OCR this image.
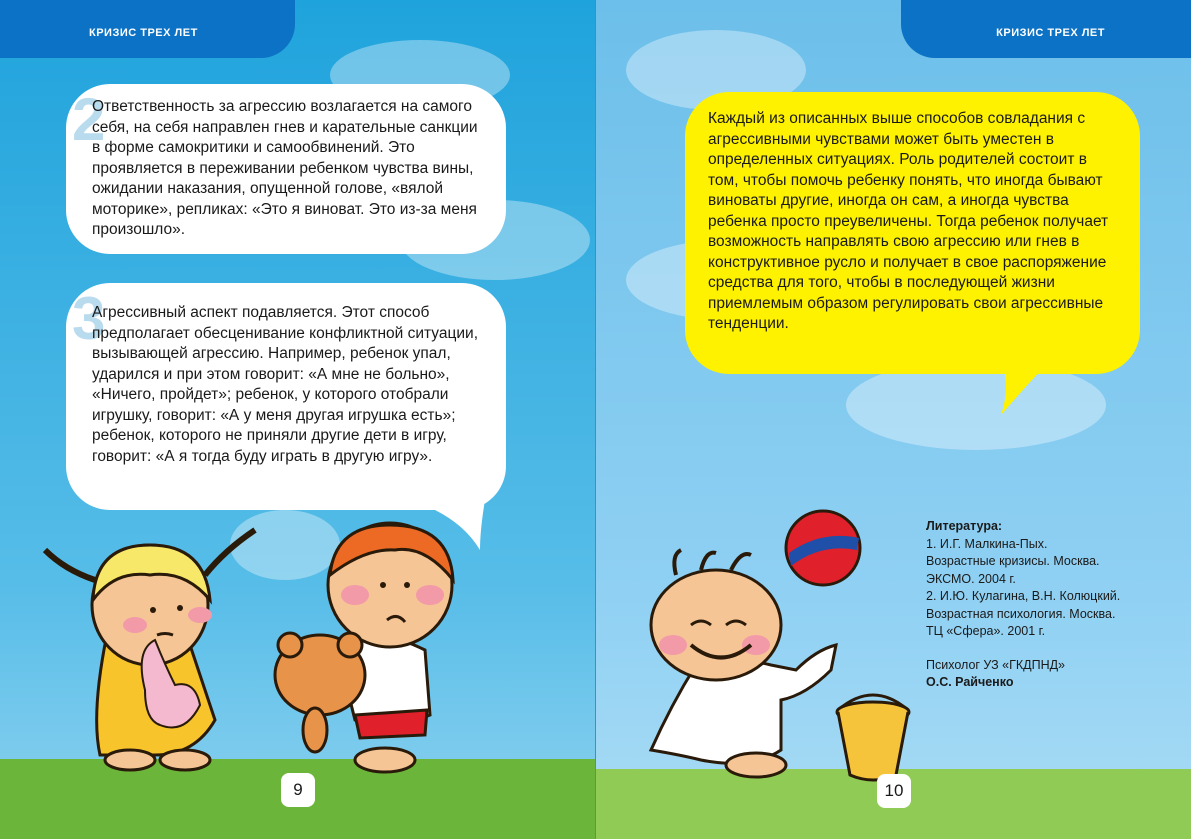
КРИЗИС ТРЕХ ЛЕТ
2

Ответственность за агрессию возлагается на самого себя, на себя направлен гнев и карательные санкции в форме самокритики и самообвинений. Это проявляется в переживании ребенком чувства вины, ожидании наказания, опущенной голове, «вялой моторике», репликах: «Это я виноват. Это из-за меня произошло».

3

Агрессивный аспект подавляется. Этот способ предполагает обесценивание конфликтной ситуации, вызывающей агрессию. Например, ребенок упал, ударился и при этом говорит: «А мне не больно», «Ничего, пройдет»; ребенок, у которого отобрали игрушку, говорит: «А у меня другая игрушка есть»; ребенок, которого не приняли другие дети в игру, говорит: «А я тогда буду играть в другую игру».

9
КРИЗИС ТРЕХ ЛЕТ

Каждый из описанных выше способов совладания с агрессивными чувствами может быть уместен в определенных ситуациях. Роль родителей состоит в том, чтобы помочь ребенку понять, что иногда бывают виноваты другие, иногда он сам, а иногда чувства ребенка просто преувеличены. Тогда ребенок получает возможность направлять свою агрессию или гнев в конструктивное русло и получает в свое распоряжение средства для того, чтобы в последующей жизни приемлемым образом регулировать свои агрессивные тенденции.

Литература:
1. И.Г. Малкина-Пых.
Возрастные кризисы. Москва.
ЭКСМО. 2004 г.
2. И.Ю. Кулагина, В.Н. Колюцкий.
Возрастная психология. Москва.
ТЦ «Сфера». 2001 г.
Психолог УЗ «ГКДПНД»
О.С. Райченко
10
